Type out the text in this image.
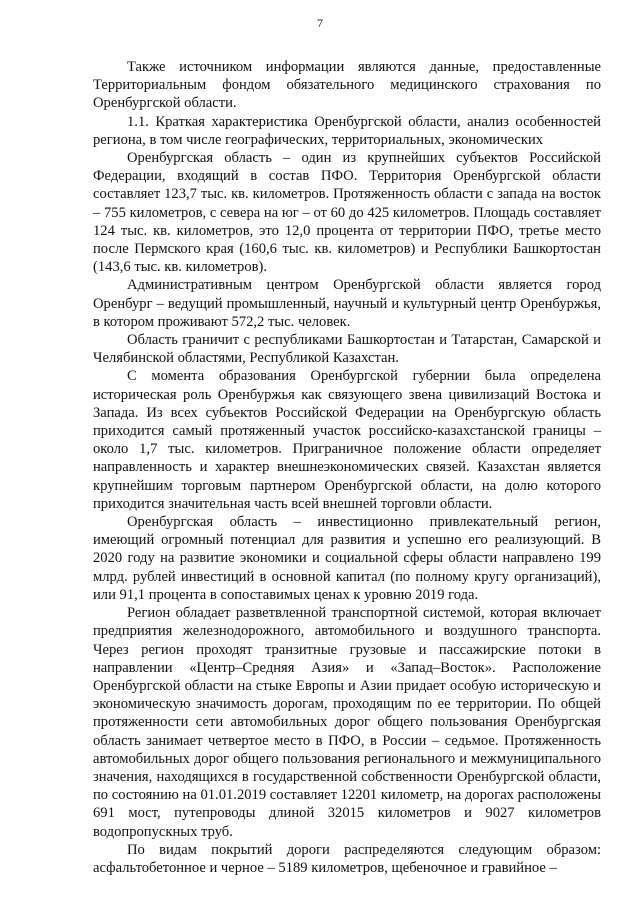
7

Также источником информации являются данные, предоставленные Территориальным фондом обязательного медицинского страхования по Оренбургской области.

1.1. Краткая характеристика Оренбургской области, анализ особенностей региона, в том числе географических, территориальных, экономических

Оренбургская область – один из крупнейших субъектов Российской Федерации, входящий в состав ПФО. Территория Оренбургской области составляет 123,7 тыс. кв. километров. Протяженность области с запада на восток – 755 километров, с севера на юг – от 60 до 425 километров. Площадь составляет 124 тыс. кв. километров, это 12,0 процента от территории ПФО, третье место после Пермского края (160,6 тыс. кв. километров) и Республики Башкортостан (143,6 тыс. кв. километров).

Административным центром Оренбургской области является город Оренбург – ведущий промышленный, научный и культурный центр Оренбуржья, в котором проживают 572,2 тыс. человек.

Область граничит с республиками Башкортостан и Татарстан, Самарской и Челябинской областями, Республикой Казахстан.

С момента образования Оренбургской губернии была определена историческая роль Оренбуржья как связующего звена цивилизаций Востока и Запада. Из всех субъектов Российской Федерации на Оренбургскую область приходится самый протяженный участок российско-казахстанской границы – около 1,7 тыс. километров. Приграничное положение области определяет направленность и характер внешнеэкономических связей. Казахстан является крупнейшим торговым партнером Оренбургской области, на долю которого приходится значительная часть всей внешней торговли области.

Оренбургская область – инвестиционно привлекательный регион, имеющий огромный потенциал для развития и успешно его реализующий. В 2020 году на развитие экономики и социальной сферы области направлено 199 млрд. рублей инвестиций в основной капитал (по полному кругу организаций), или 91,1 процента в сопоставимых ценах к уровню 2019 года.

Регион обладает разветвленной транспортной системой, которая включает предприятия железнодорожного, автомобильного и воздушного транспорта. Через регион проходят транзитные грузовые и пассажирские потоки в направлении «Центр–Средняя Азия» и «Запад–Восток». Расположение Оренбургской области на стыке Европы и Азии придает особую историческую и экономическую значимость дорогам, проходящим по ее территории. По общей протяженности сети автомобильных дорог общего пользования Оренбургская область занимает четвертое место в ПФО, в России – седьмое. Протяженность автомобильных дорог общего пользования регионального и межмуниципального значения, находящихся в государственной собственности Оренбургской области, по состоянию на 01.01.2019 составляет 12201 километр, на дорогах расположены 691 мост, путепроводы длиной 32015 километров и 9027 километров водопропускных труб.

По видам покрытий дороги распределяются следующим образом: асфальтобетонное и черное – 5189 километров, щебеночное и гравийное –
